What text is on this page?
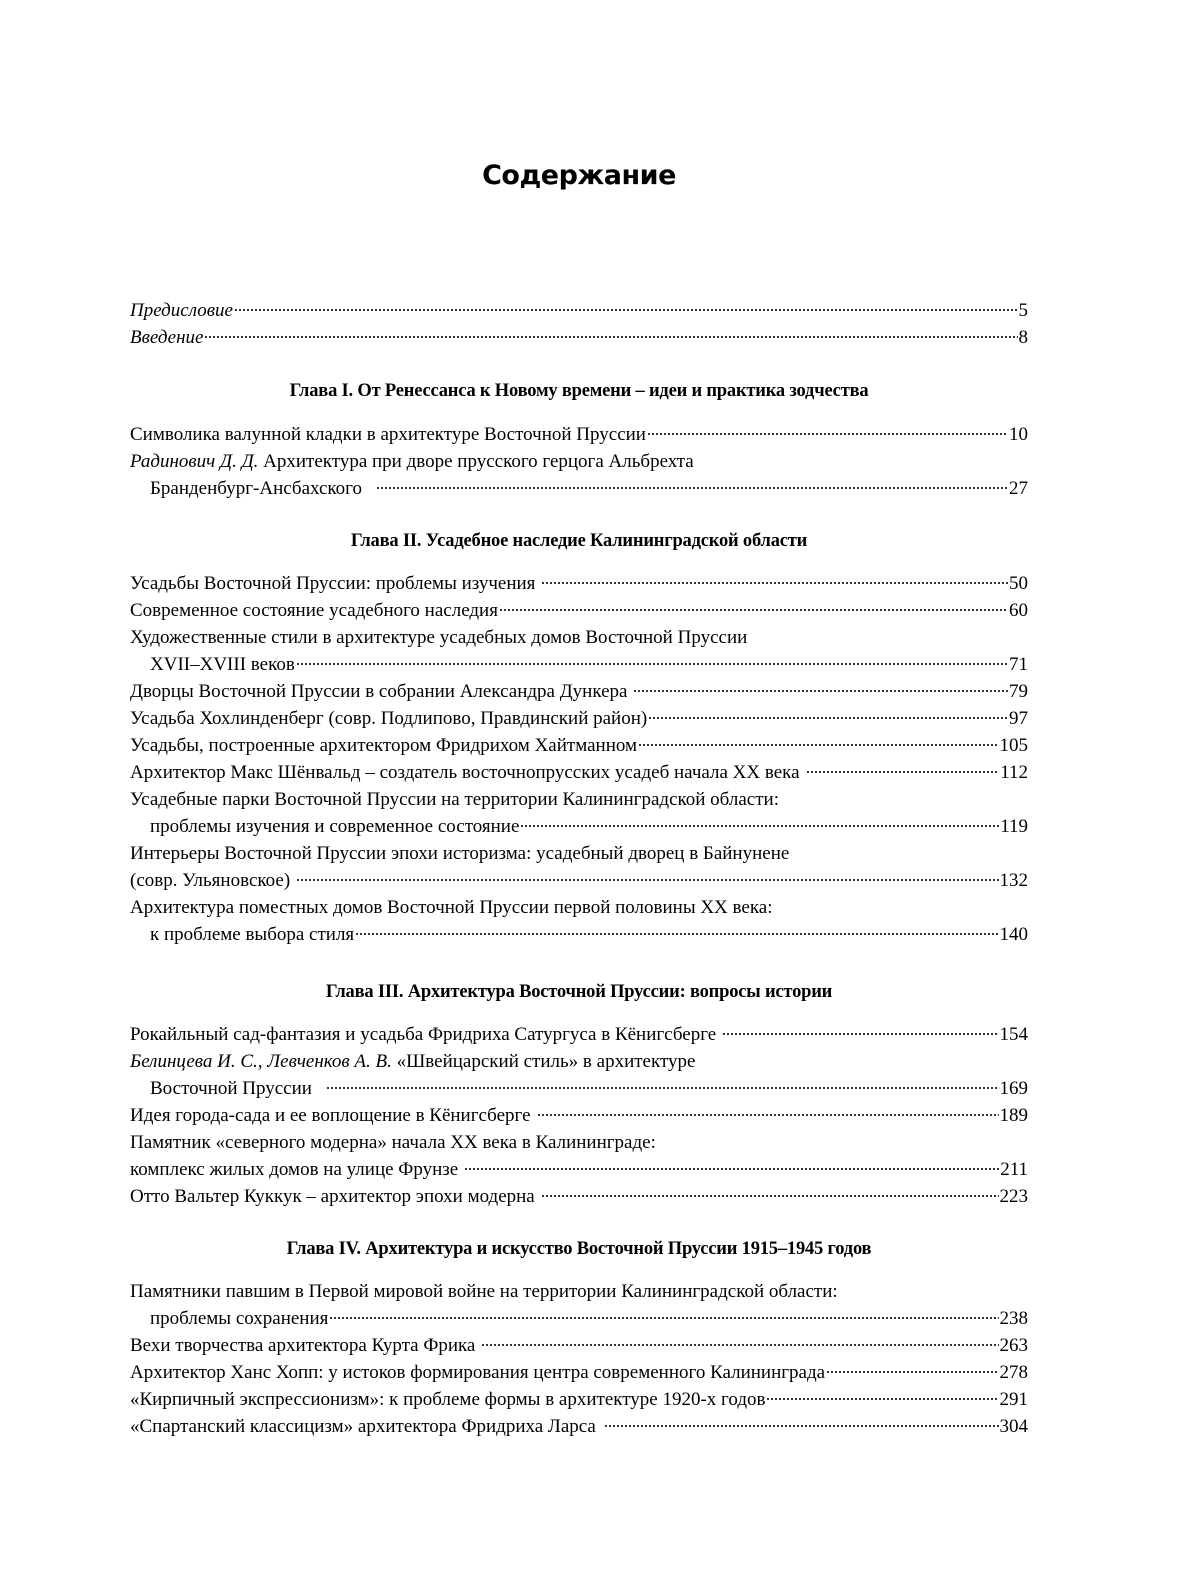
Содержание
Предисловие	5
Введение	8
Глава I. От Ренессанса к Новому времени – идеи и практика зодчества
Символика валунной кладки в архитектуре Восточной Пруссии	10
Радинович Д. Д. Архитектура при дворе прусского герцога Альбрехта
Бранденбург-Ансбахского	27
Глава II. Усадебное наследие Калининградской области
Усадьбы Восточной Пруссии: проблемы изучения	50
Современное состояние усадебного наследия	60
Художественные стили в архитектуре усадебных домов Восточной Пруссии
XVII–XVIII веков	71
Дворцы Восточной Пруссии в собрании Александра Дункера	79
Усадьба Хохлинденберг (совр. Подлипово, Правдинский район)	97
Усадьбы, построенные архитектором Фридрихом Хайтманном	105
Архитектор Макс Шёнвальд – создатель восточнопрусских усадеб начала XX века	112
Усадебные парки Восточной Пруссии на территории Калининградской области:
проблемы изучения и современное состояние	119
Интерьеры Восточной Пруссии эпохи историзма: усадебный дворец в Байнунене
(совр. Ульяновское)	132
Архитектура поместных домов Восточной Пруссии первой половины XX века:
к проблеме выбора стиля	140
Глава III. Архитектура Восточной Пруссии: вопросы истории
Рокайльный сад-фантазия и усадьба Фридриха Сатургуса в Кёнигсберге	154
Белинцева И. С., Левченков А. В. «Швейцарский стиль» в архитектуре
Восточной Пруссии	169
Идея города-сада и ее воплощение в Кёнигсберге	189
Памятник «северного модерна» начала XX века в Калининграде:
комплекс жилых домов на улице Фрунзе	211
Отто Вальтер Куккук – архитектор эпохи модерна	223
Глава IV. Архитектура и искусство Восточной Пруссии 1915–1945 годов
Памятники павшим в Первой мировой войне на территории Калининградской области:
проблемы сохранения	238
Вехи творчества архитектора Курта Фрика	263
Архитектор Ханс Хопп: у истоков формирования центра современного Калининграда	278
«Кирпичный экспрессионизм»: к проблеме формы в архитектуре 1920-х годов	291
«Спартанский классицизм» архитектора Фридриха Ларса	304
